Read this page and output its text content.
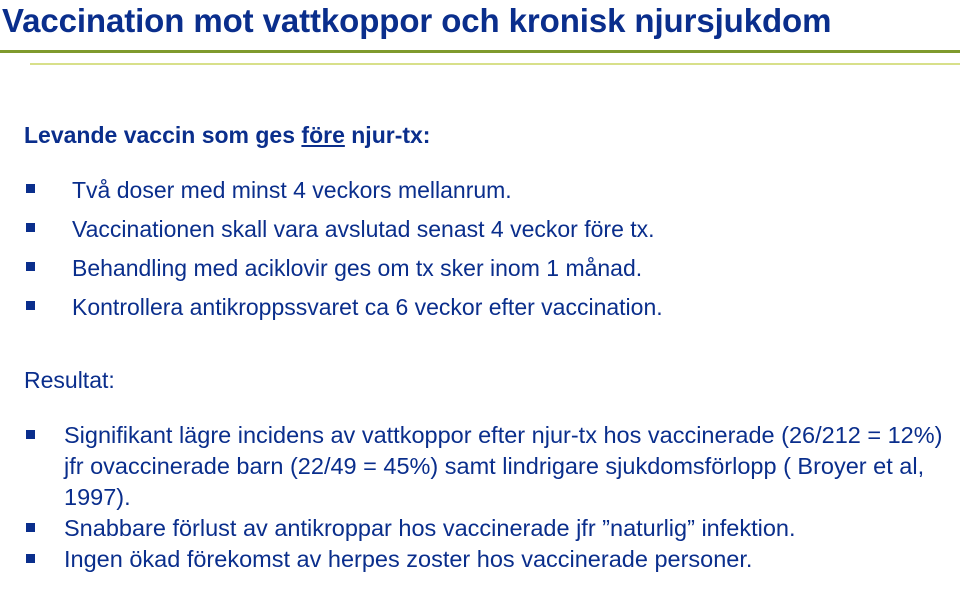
Vaccination mot vattkoppor och kronisk njursjukdom
Levande vaccin som ges före njur-tx:
Två doser med minst 4 veckors mellanrum.
Vaccinationen skall vara avslutad senast 4 veckor före tx.
Behandling med aciklovir ges om tx sker inom 1 månad.
Kontrollera antikroppssvaret ca 6 veckor efter vaccination.
Resultat:
Signifikant lägre incidens av vattkoppor efter njur-tx hos vaccinerade (26/212 = 12%) jfr ovaccinerade barn (22/49 = 45%) samt lindrigare sjukdomsförlopp ( Broyer et al, 1997).
Snabbare förlust av antikroppar hos vaccinerade jfr ”naturlig” infektion.
Ingen ökad förekomst av herpes zoster hos vaccinerade personer.
